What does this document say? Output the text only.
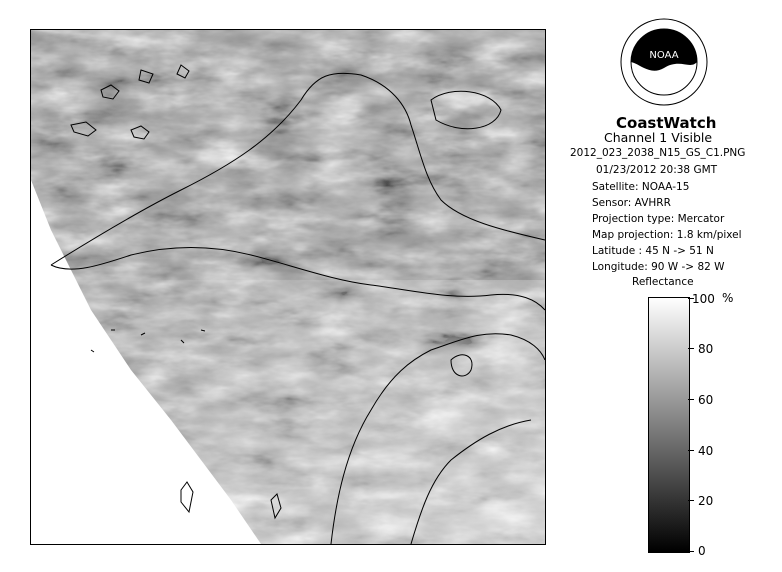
NOAA
CoastWatch
Channel 1 Visible
2012_023_2038_N15_GS_C1.PNG
01/23/2012 20:38 GMT
Satellite: NOAA-15
Sensor: AVHRR
Projection type: Mercator
Map projection: 1.8 km/pixel
Latitude : 45 N -> 51 N
Longitude: 90 W -> 82 W
Reflectance
100 %
80
60
40
20
0
